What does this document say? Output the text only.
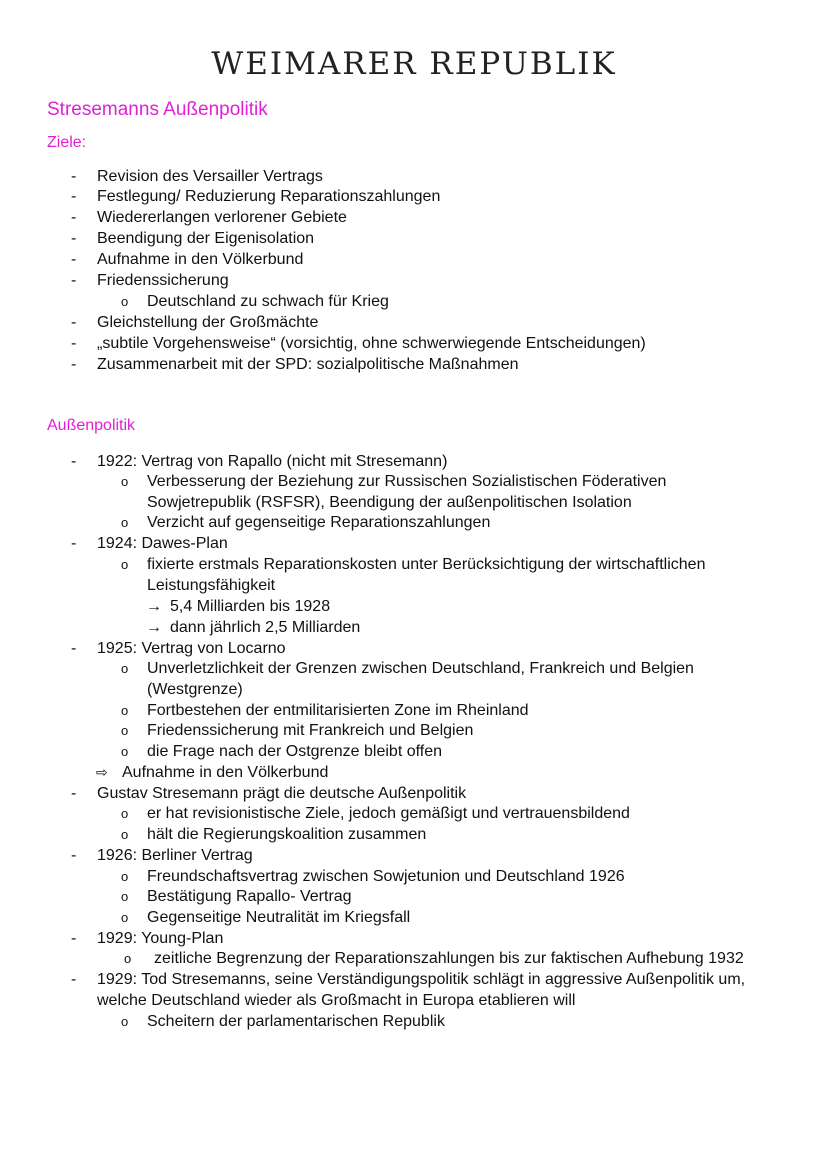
WEIMARER REPUBLIK
Stresemanns Außenpolitik
Ziele:
- Revision des Versailler Vertrags
- Festlegung/ Reduzierung Reparationszahlungen
- Wiedererlangen verlorener Gebiete
- Beendigung der Eigenisolation
- Aufnahme in den Völkerbund
- Friedenssicherung
o Deutschland zu schwach für Krieg
- Gleichstellung der Großmächte
- „subtile Vorgehensweise“ (vorsichtig, ohne schwerwiegende Entscheidungen)
- Zusammenarbeit mit der SPD: sozialpolitische Maßnahmen
Außenpolitik
- 1922: Vertrag von Rapallo (nicht mit Stresemann)
o Verbesserung der Beziehung zur Russischen Sozialistischen Föderativen
Sowjetrepublik (RSFSR), Beendigung der außenpolitischen Isolation
o Verzicht auf gegenseitige Reparationszahlungen
- 1924: Dawes-Plan
o fixierte erstmals Reparationskosten unter Berücksichtigung der wirtschaftlichen
Leistungsfähigkeit
→ 5,4 Milliarden bis 1928
→ dann jährlich 2,5 Milliarden
- 1925: Vertrag von Locarno
o Unverletzlichkeit der Grenzen zwischen Deutschland, Frankreich und Belgien
(Westgrenze)
o Fortbestehen der entmilitarisierten Zone im Rheinland
o Friedenssicherung mit Frankreich und Belgien
o die Frage nach der Ostgrenze bleibt offen
⇨ Aufnahme in den Völkerbund
- Gustav Stresemann prägt die deutsche Außenpolitik
o er hat revisionistische Ziele, jedoch gemäßigt und vertrauensbildend
o hält die Regierungskoalition zusammen
- 1926: Berliner Vertrag
o Freundschaftsvertrag zwischen Sowjetunion und Deutschland 1926
o Bestätigung Rapallo- Vertrag
o Gegenseitige Neutralität im Kriegsfall
- 1929: Young-Plan
o zeitliche Begrenzung der Reparationszahlungen bis zur faktischen Aufhebung 1932
- 1929: Tod Stresemanns, seine Verständigungspolitik schlägt in aggressive Außenpolitik um,
welche Deutschland wieder als Großmacht in Europa etablieren will
o Scheitern der parlamentarischen Republik
